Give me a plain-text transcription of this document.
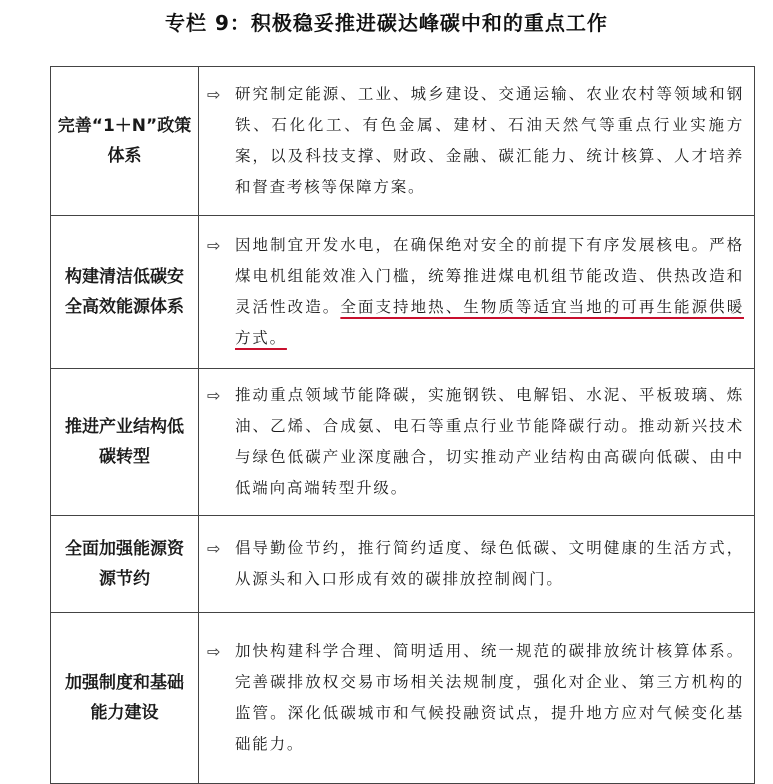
专栏 9：积极稳妥推进碳达峰碳中和的重点工作
完善“1＋N”政策体系	⇨ 研究制定能源、工业、城乡建设、交通运输、农业农村等领域和钢铁、石化化工、有色金属、建材、石油天然气等重点行业实施方案，以及科技支撑、财政、金融、碳汇能力、统计核算、人才培养和督查考核等保障方案。

构建清洁低碳安全高效能源体系	⇨ 因地制宜开发水电，在确保绝对安全的前提下有序发展核电。严格煤电机组能效准入门槛，统筹推进煤电机组节能改造、供热改造和灵活性改造。全面支持地热、生物质等适宜当地的可再生能源供暖方式。

推进产业结构低碳转型	⇨ 推动重点领域节能降碳，实施钢铁、电解铝、水泥、平板玻璃、炼油、乙烯、合成氨、电石等重点行业节能降碳行动。推动新兴技术与绿色低碳产业深度融合，切实推动产业结构由高碳向低碳、由中低端向高端转型升级。

全面加强能源资源节约	⇨ 倡导勤俭节约，推行简约适度、绿色低碳、文明健康的生活方式，从源头和入口形成有效的碳排放控制阀门。

加强制度和基础能力建设	⇨ 加快构建科学合理、简明适用、统一规范的碳排放统计核算体系。完善碳排放权交易市场相关法规制度，强化对企业、第三方机构的监管。深化低碳城市和气候投融资试点，提升地方应对气候变化基础能力。
